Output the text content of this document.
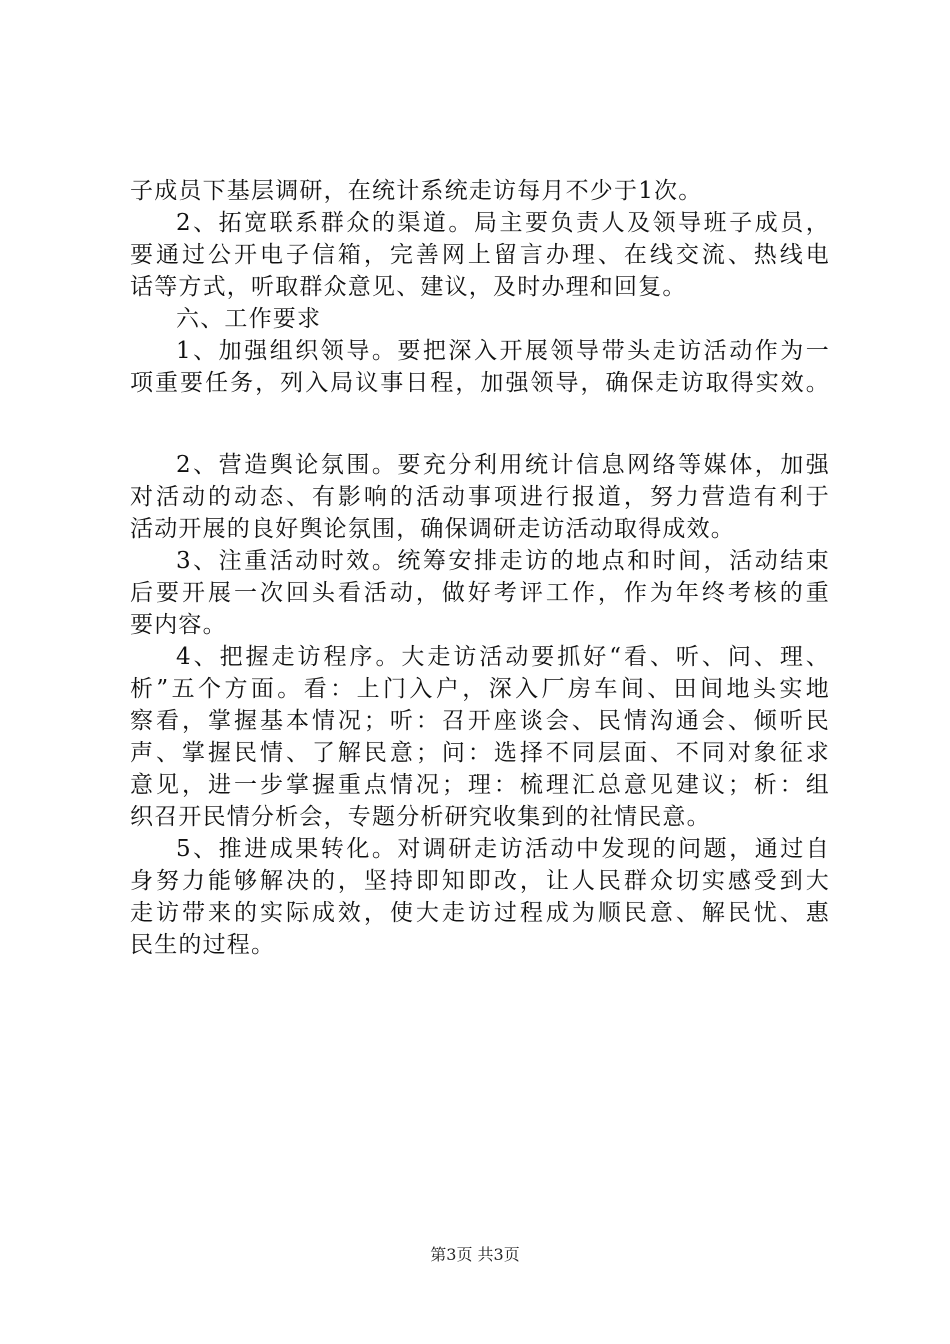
子成员下基层调研，在统计系统走访每月不少于1次。
2、拓宽联系群众的渠道。局主要负责人及领导班子成员，
要通过公开电子信箱，完善网上留言办理、在线交流、热线电
话等方式，听取群众意见、建议，及时办理和回复。
六、工作要求
1、加强组织领导。要把深入开展领导带头走访活动作为一
项重要任务，列入局议事日程，加强领导，确保走访取得实效。
2、营造舆论氛围。要充分利用统计信息网络等媒体，加强
对活动的动态、有影响的活动事项进行报道，努力营造有利于
活动开展的良好舆论氛围，确保调研走访活动取得成效。
3、注重活动时效。统筹安排走访的地点和时间，活动结束
后要开展一次回头看活动，做好考评工作，作为年终考核的重
要内容。
4、把握走访程序。大走访活动要抓好“看、听、问、理、
析”五个方面。看：上门入户，深入厂房车间、田间地头实地
察看，掌握基本情况；听：召开座谈会、民情沟通会、倾听民
声、掌握民情、了解民意；问：选择不同层面、不同对象征求
意见，进一步掌握重点情况；理：梳理汇总意见建议；析：组
织召开民情分析会，专题分析研究收集到的社情民意。
5、推进成果转化。对调研走访活动中发现的问题，通过自
身努力能够解决的，坚持即知即改，让人民群众切实感受到大
走访带来的实际成效，使大走访过程成为顺民意、解民忧、惠
民生的过程。
第3页 共3页
